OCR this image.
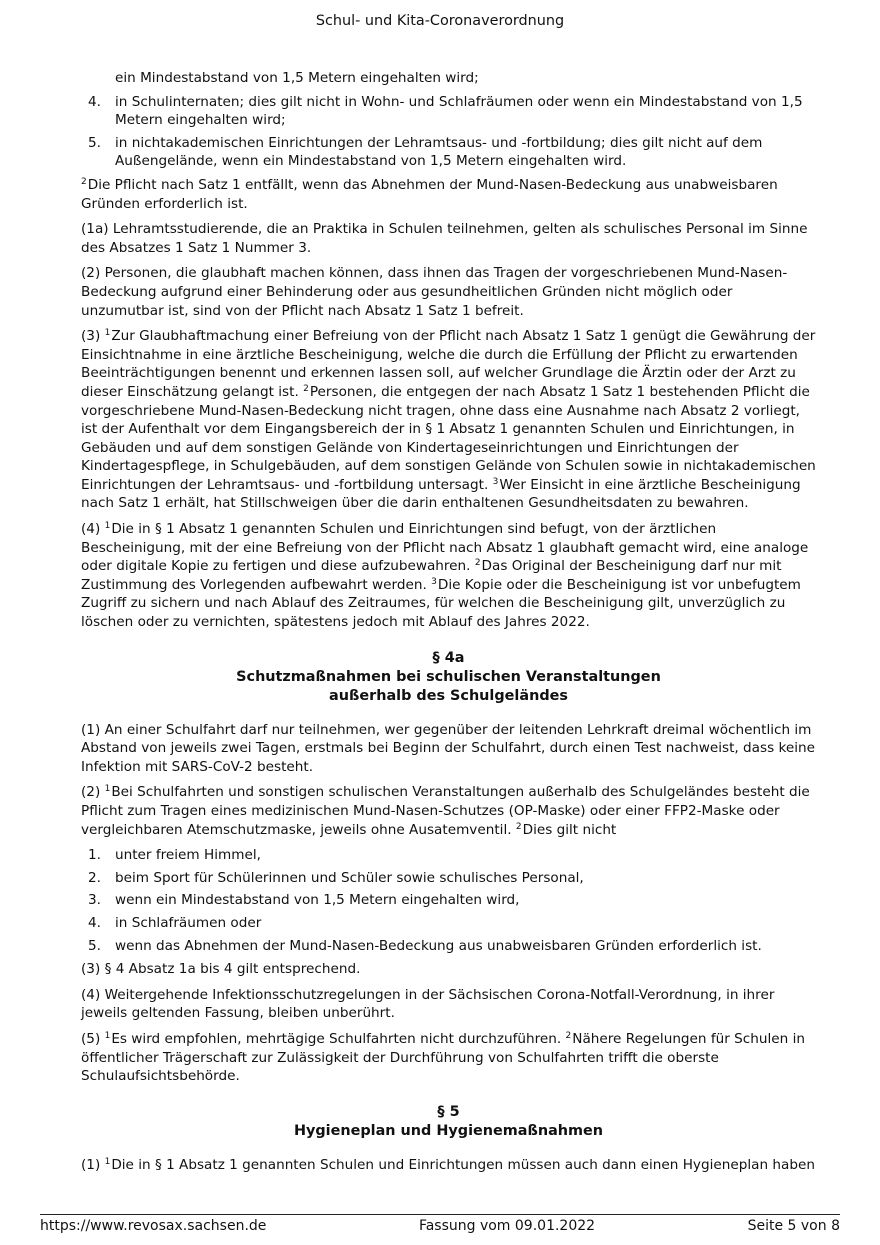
Schul- und Kita-Coronaverordnung
ein Mindestabstand von 1,5 Metern eingehalten wird;
4.	in Schulinternaten; dies gilt nicht in Wohn- und Schlafräumen oder wenn ein Mindestabstand von 1,5 Metern eingehalten wird;
5.	in nichtakademischen Einrichtungen der Lehramtsaus- und -fortbildung; dies gilt nicht auf dem Außengelände, wenn ein Mindestabstand von 1,5 Metern eingehalten wird.

$^2$Die Pflicht nach Satz 1 entfällt, wenn das Abnehmen der Mund-Nasen-Bedeckung aus unabweisbaren Gründen erforderlich ist.

(1a) Lehramtsstudierende, die an Praktika in Schulen teilnehmen, gelten als schulisches Personal im Sinne des Absatzes 1 Satz 1 Nummer 3.

(2) Personen, die glaubhaft machen können, dass ihnen das Tragen der vorgeschriebenen Mund-Nasen-Bedeckung aufgrund einer Behinderung oder aus gesundheitlichen Gründen nicht möglich oder unzumutbar ist, sind von der Pflicht nach Absatz 1 Satz 1 befreit.

(3) $^1$Zur Glaubhaftmachung einer Befreiung von der Pflicht nach Absatz 1 Satz 1 genügt die Gewährung der Einsichtnahme in eine ärztliche Bescheinigung, welche die durch die Erfüllung der Pflicht zu erwartenden Beeinträchtigungen benennt und erkennen lassen soll, auf welcher Grundlage die Ärztin oder der Arzt zu dieser Einschätzung gelangt ist. $^2$Personen, die entgegen der nach Absatz 1 Satz 1 bestehenden Pflicht die vorgeschriebene Mund-Nasen-Bedeckung nicht tragen, ohne dass eine Ausnahme nach Absatz 2 vorliegt, ist der Aufenthalt vor dem Eingangsbereich der in § 1 Absatz 1 genannten Schulen und Einrichtungen, in Gebäuden und auf dem sonstigen Gelände von Kindertageseinrichtungen und Einrichtungen der Kindertagespflege, in Schulgebäuden, auf dem sonstigen Gelände von Schulen sowie in nichtakademischen Einrichtungen der Lehramtsaus- und -fortbildung untersagt. $^3$Wer Einsicht in eine ärztliche Bescheinigung nach Satz 1 erhält, hat Stillschweigen über die darin enthaltenen Gesundheitsdaten zu bewahren.

(4) $^1$Die in § 1 Absatz 1 genannten Schulen und Einrichtungen sind befugt, von der ärztlichen Bescheinigung, mit der eine Befreiung von der Pflicht nach Absatz 1 glaubhaft gemacht wird, eine analoge oder digitale Kopie zu fertigen und diese aufzubewahren. $^2$Das Original der Bescheinigung darf nur mit Zustimmung des Vorlegenden aufbewahrt werden. $^3$Die Kopie oder die Bescheinigung ist vor unbefugtem Zugriff zu sichern und nach Ablauf des Zeitraumes, für welchen die Bescheinigung gilt, unverzüglich zu löschen oder zu vernichten, spätestens jedoch mit Ablauf des Jahres 2022.

§ 4a
Schutzmaßnahmen bei schulischen Veranstaltungen
außerhalb des Schulgeländes

(1) An einer Schulfahrt darf nur teilnehmen, wer gegenüber der leitenden Lehrkraft dreimal wöchentlich im Abstand von jeweils zwei Tagen, erstmals bei Beginn der Schulfahrt, durch einen Test nachweist, dass keine Infektion mit SARS-CoV-2 besteht.

(2) $^1$Bei Schulfahrten und sonstigen schulischen Veranstaltungen außerhalb des Schulgeländes besteht die Pflicht zum Tragen eines medizinischen Mund-Nasen-Schutzes (OP-Maske) oder einer FFP2-Maske oder vergleichbaren Atemschutzmaske, jeweils ohne Ausatemventil. $^2$Dies gilt nicht

1.	unter freiem Himmel,
2.	beim Sport für Schülerinnen und Schüler sowie schulisches Personal,
3.	wenn ein Mindestabstand von 1,5 Metern eingehalten wird,
4.	in Schlafräumen oder
5.	wenn das Abnehmen der Mund-Nasen-Bedeckung aus unabweisbaren Gründen erforderlich ist.

(3) § 4 Absatz 1a bis 4 gilt entsprechend.

(4) Weitergehende Infektionsschutzregelungen in der Sächsischen Corona-Notfall-Verordnung, in ihrer jeweils geltenden Fassung, bleiben unberührt.

(5) $^1$Es wird empfohlen, mehrtägige Schulfahrten nicht durchzuführen. $^2$Nähere Regelungen für Schulen in öffentlicher Trägerschaft zur Zulässigkeit der Durchführung von Schulfahrten trifft die oberste Schulaufsichtsbehörde.

§ 5
Hygieneplan und Hygienemaßnahmen

(1) $^1$Die in § 1 Absatz 1 genannten Schulen und Einrichtungen müssen auch dann einen Hygieneplan haben

https://www.revosax.sachsen.de	Fassung vom 09.01.2022	Seite 5 von 8
